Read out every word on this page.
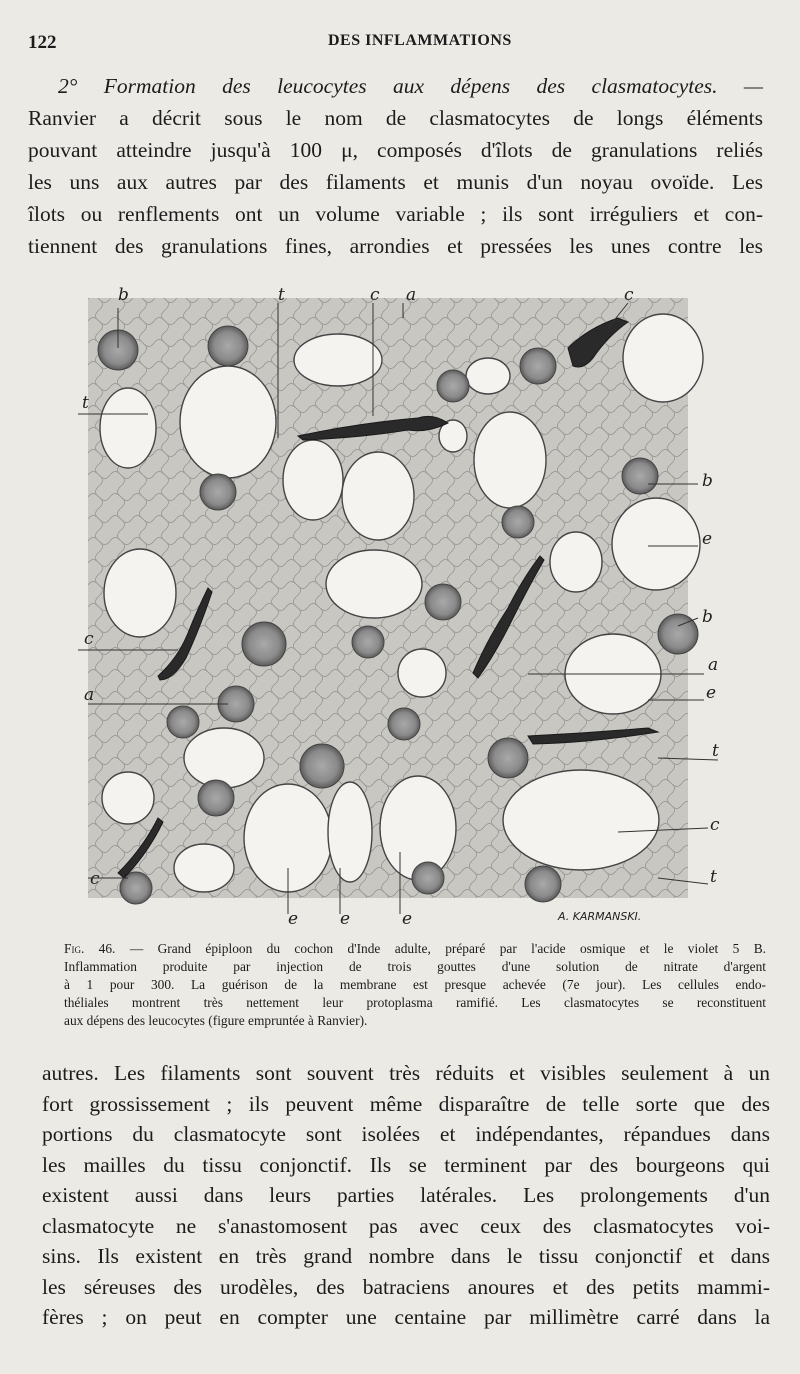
122	DES INFLAMMATIONS
2° Formation des leucocytes aux dépens des clasmatocytes. —
Ranvier a décrit sous le nom de clasmatocytes de longs éléments
pouvant atteindre jusqu'à 100 μ, composés d'îlots de granulations reliés
les uns aux autres par des filaments et munis d'un noyau ovoïde. Les
îlots ou renflements ont un volume variable ; ils sont irréguliers et con-
tiennent des granulations fines, arrondies et pressées les unes contre les
b	t	c a	c
t
c
a
c
b
e
b
a
e
t
c
t
e e	e	A. KARMANSKI.
Fig. 46. — Grand épiploon du cochon d'Inde adulte, préparé par l'acide osmique et le violet 5 B.
Inflammation produite par injection de trois gouttes d'une solution de nitrate d'argent
à 1 pour 300. La guérison de la membrane est presque achevée (7e jour). Les cellules endo-
théliales montrent très nettement leur protoplasma ramifié. Les clasmatocytes se reconstituent
aux dépens des leucocytes (figure empruntée à Ranvier).
autres. Les filaments sont souvent très réduits et visibles seulement à un
fort grossissement ; ils peuvent même disparaître de telle sorte que des
portions du clasmatocyte sont isolées et indépendantes, répandues dans
les mailles du tissu conjonctif. Ils se terminent par des bourgeons qui
existent aussi dans leurs parties latérales. Les prolongements d'un
clasmatocyte ne s'anastomosent pas avec ceux des clasmatocytes voi-
sins. Ils existent en très grand nombre dans le tissu conjonctif et dans
les séreuses des urodèles, des batraciens anoures et des petits mammi-
fères ; on peut en compter une centaine par millimètre carré dans la
